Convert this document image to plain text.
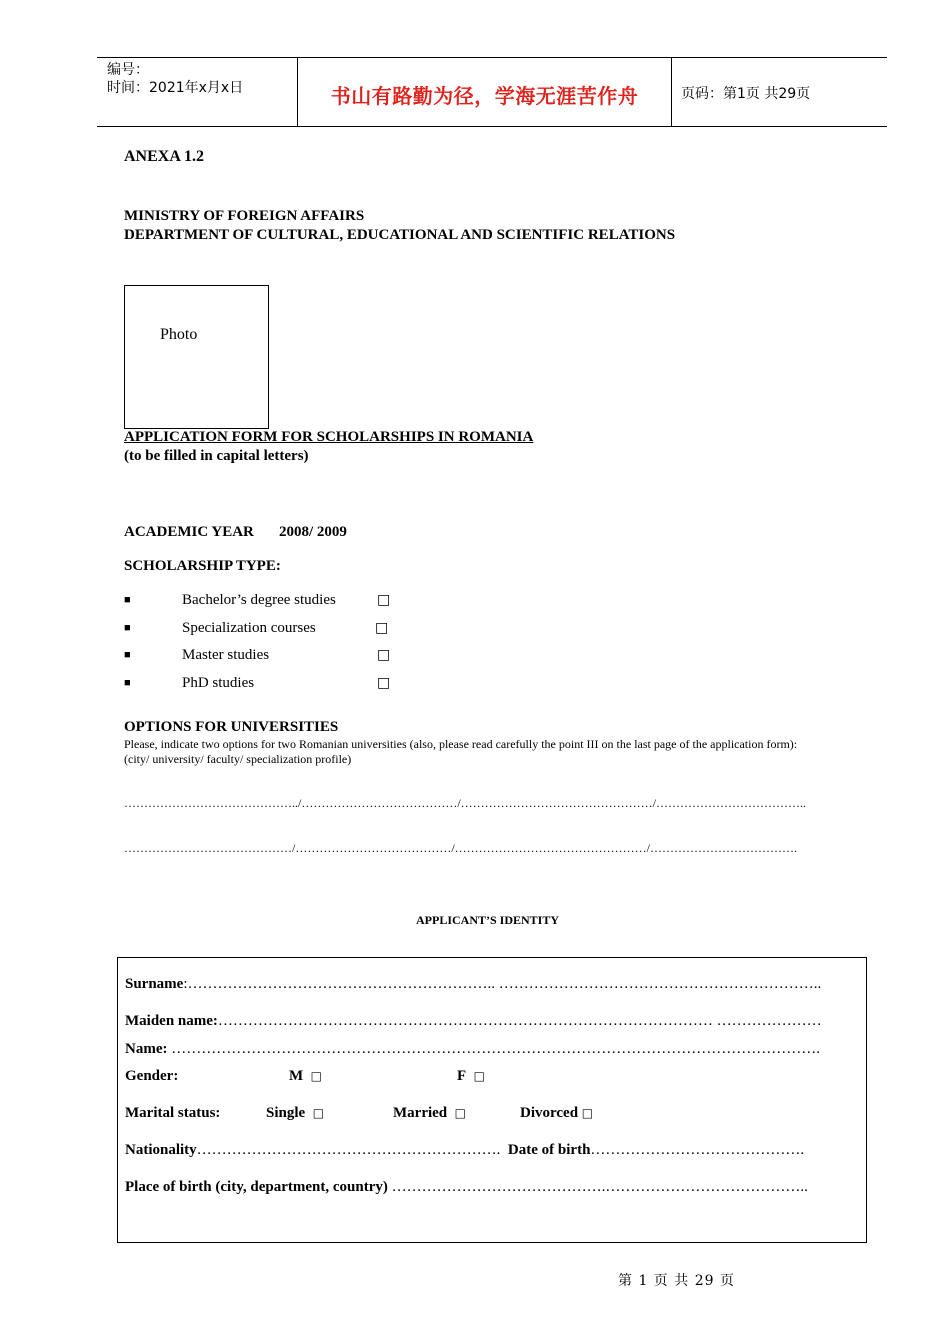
编号：
时间：2021年x月x日	书山有路勤为径，学海无涯苦作舟	页码：第1页 共29页
ANEXA 1.2
MINISTRY OF FOREIGN AFFAIRS
DEPARTMENT OF CULTURAL, EDUCATIONAL AND SCIENTIFIC RELATIONS
Photo
APPLICATION FORM FOR SCHOLARSHIPS IN ROMANIA
(to be filled in capital letters)
ACADEMIC YEAR 2008/ 2009
SCHOLARSHIP TYPE:
■	Bachelor’s degree studies	□
■	Specialization courses	□
■	Master studies	□
■	PhD studies	□
OPTIONS FOR UNIVERSITIES
Please, indicate two options for two Romanian universities (also, please read carefully the point III on the last page of the application form):
(city/ university/ faculty/ specialization profile)
……………………………………../…………………………………/…………………………………………/………………………………..
……………………………………/…………………………………/…………………………………………/……………………………….
APPLICANT’S IDENTITY
Surname:…………………………………………………….. ………………………………………………………..
Maiden name:……………………………………………………………………………………… …………………
Name: ………………………………………………………………………………………………………………….
Gender:	M □	F □
Marital status:	Single □	Married □	Divorced □
Nationality…………………………………………………….  Date of birth…………………………………….
Place of birth (city, department, country) …………………………………….…………………………………..
第 1 页 共 29 页
